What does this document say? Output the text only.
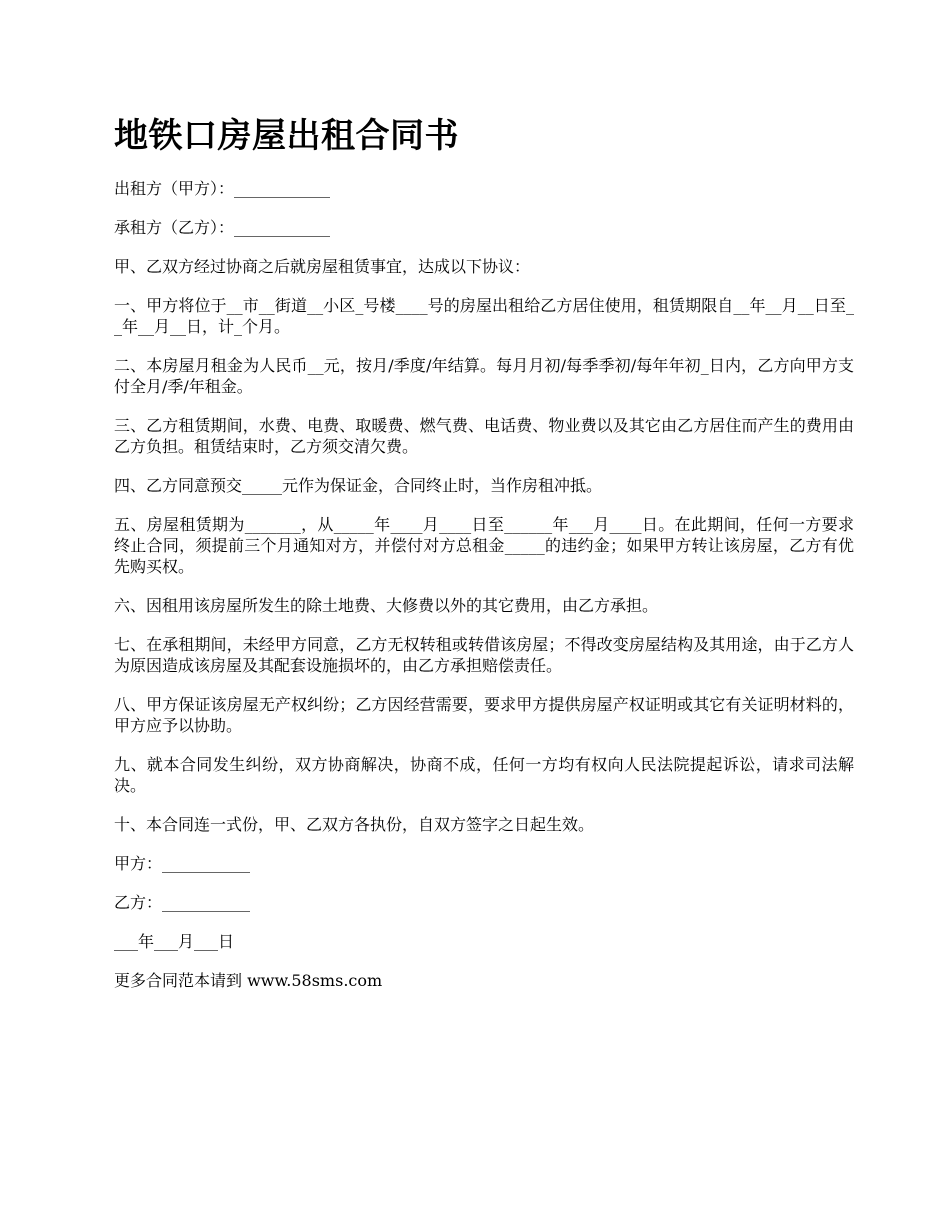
地铁口房屋出租合同书

出租方（甲方）：____________

承租方（乙方）：____________

甲、乙双方经过协商之后就房屋租赁事宜，达成以下协议：

一、甲方将位于__市__街道__小区_号楼____号的房屋出租给乙方居住使用，租赁期限自__年__月__日至__年__月__日，计_个月。

二、本房屋月租金为人民币__元，按月/季度/年结算。每月月初/每季季初/每年年初_日内，乙方向甲方支付全月/季/年租金。

三、乙方租赁期间，水费、电费、取暖费、燃气费、电话费、物业费以及其它由乙方居住而产生的费用由乙方负担。租赁结束时，乙方须交清欠费。

四、乙方同意预交_____元作为保证金，合同终止时，当作房租冲抵。

五、房屋租赁期为_______，从_____年____月____日至______年___月____日。在此期间，任何一方要求终止合同，须提前三个月通知对方，并偿付对方总租金_____的违约金；如果甲方转让该房屋，乙方有优先购买权。

六、因租用该房屋所发生的除土地费、大修费以外的其它费用，由乙方承担。

七、在承租期间，未经甲方同意，乙方无权转租或转借该房屋；不得改变房屋结构及其用途，由于乙方人为原因造成该房屋及其配套设施损坏的，由乙方承担赔偿责任。

八、甲方保证该房屋无产权纠纷；乙方因经营需要，要求甲方提供房屋产权证明或其它有关证明材料的，甲方应予以协助。

九、就本合同发生纠纷，双方协商解决，协商不成，任何一方均有权向人民法院提起诉讼，请求司法解决。

十、本合同连一式份，甲、乙双方各执份，自双方签字之日起生效。

甲方：___________

乙方：___________

___年___月___日

更多合同范本请到 www.58sms.com
